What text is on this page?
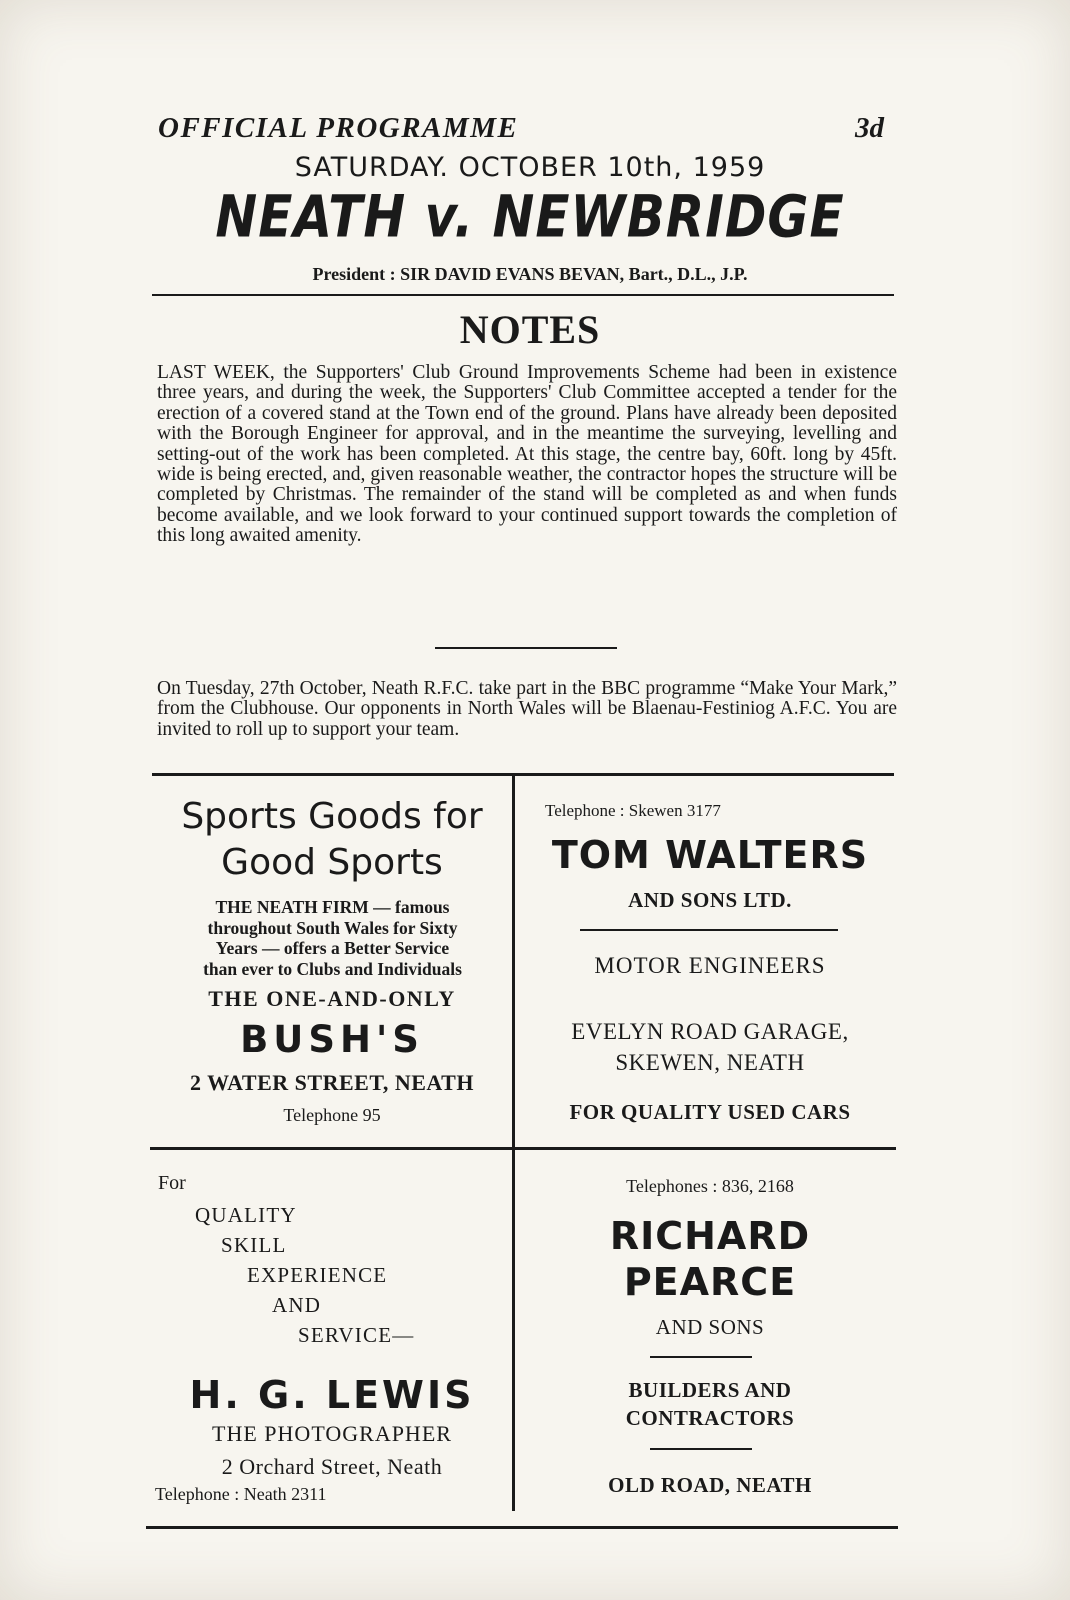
OFFICIAL PROGRAMME	3d
SATURDAY. OCTOBER 10th, 1959
NEATH v. NEWBRIDGE
President : SIR DAVID EVANS BEVAN, Bart., D.L., J.P.
NOTES

LAST WEEK, the Supporters' Club Ground Improvements Scheme had been in existence three years, and during the week, the Supporters' Club Committee accepted a tender for the erection of a covered stand at the Town end of the ground. Plans have already been deposited with the Borough Engineer for approval, and in the meantime the surveying, levelling and setting-out of the work has been completed. At this stage, the centre bay, 60ft. long by 45ft. wide is being erected, and, given reasonable weather, the contractor hopes the structure will be completed by Christmas. The remainder of the stand will be completed as and when funds become available, and we look forward to your continued support towards the completion of this long awaited amenity.

On Tuesday, 27th October, Neath R.F.C. take part in the BBC programme “Make Your Mark,” from the Clubhouse. Our opponents in North Wales will be Blaenau-Festiniog A.F.C. You are invited to roll up to support your team.

Sports Goods for
Good Sports
THE NEATH FIRM — famous
throughout South Wales for Sixty
Years — offers a Better Service
than ever to Clubs and Individuals
THE ONE-AND-ONLY
BUSH'S
2 WATER STREET, NEATH
Telephone 95
Telephone : Skewen 3177
TOM WALTERS
AND SONS LTD.
MOTOR ENGINEERS
EVELYN ROAD GARAGE,
SKEWEN, NEATH
FOR QUALITY USED CARS
For
QUALITY
SKILL
EXPERIENCE
AND
SERVICE—
H. G. LEWIS
THE PHOTOGRAPHER
2 Orchard Street, Neath
Telephone : Neath 2311
Telephones : 836, 2168
RICHARD
PEARCE
AND SONS
BUILDERS AND
CONTRACTORS
OLD ROAD, NEATH
